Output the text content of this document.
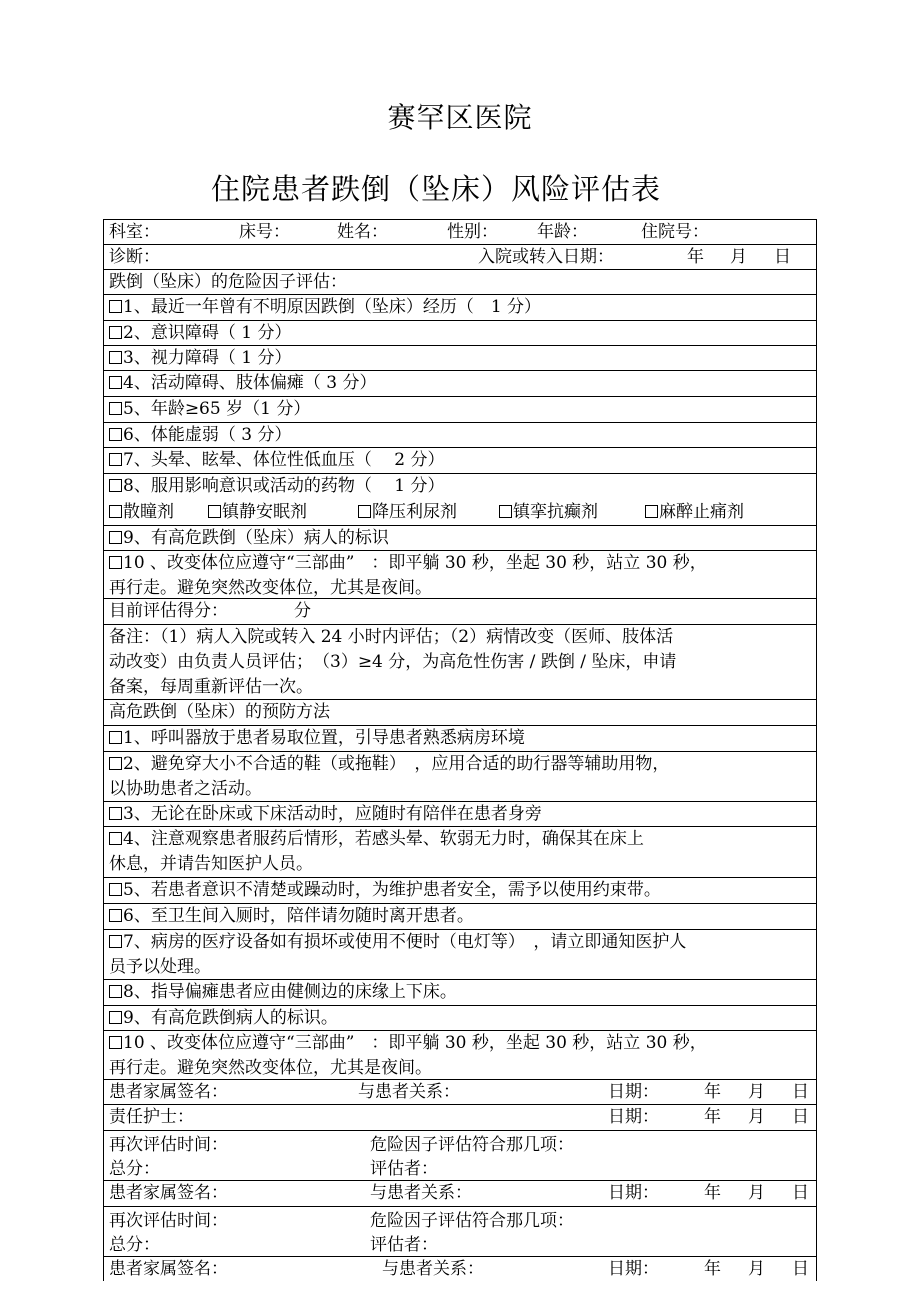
赛罕区医院
住院患者跌倒（坠床）风险评估表
科室：	床号：	姓名：	性别： 年龄：	住院号：
诊断：	入院或转入日期：	年 月 日
跌倒（坠床）的危险因子评估：
1、最近一年曾有不明原因跌倒（坠床）经历（　1 分）
2、意识障碍（ 1 分）
3、视力障碍（ 1 分）
4、活动障碍、肢体偏瘫（ 3 分）
5、年龄≥65 岁（1 分）
6、体能虚弱（ 3 分）
7、头晕、眩晕、体位性低血压（　 2 分）
8、服用影响意识或活动的药物（　 1 分）
散瞳剂	镇静安眠剂	降压利尿剂	镇挛抗癫剂	麻醉止痛剂
9、有高危跌倒（坠床）病人的标识
10 、改变体位应遵守“三部曲”　：即平躺 30 秒，坐起 30 秒，站立 30 秒，
再行走。避免突然改变体位，尤其是夜间。
目前评估得分：	分
备注：（1）病人入院或转入 24 小时内评估；（2）病情改变（医师、肢体活
动改变）由负责人员评估；　（3）≥4 分，为高危性伤害 / 跌倒 / 坠床，申请
备案，每周重新评估一次。
高危跌倒（坠床）的预防方法
1、呼叫器放于患者易取位置，引导患者熟悉病房环境
2、避免穿大小不合适的鞋（或拖鞋）　，应用合适的助行器等辅助用物，
以协助患者之活动。
3、无论在卧床或下床活动时，应随时有陪伴在患者身旁
4、注意观察患者服药后情形，若感头晕、软弱无力时，确保其在床上
休息，并请告知医护人员。
5、若患者意识不清楚或躁动时，为维护患者安全，需予以使用约束带。
6、至卫生间入厕时，陪伴请勿随时离开患者。
7、病房的医疗设备如有损坏或使用不便时（电灯等）　，请立即通知医护人
员予以处理。
8、指导偏瘫患者应由健侧边的床缘上下床。
9、有高危跌倒病人的标识。
10 、改变体位应遵守“三部曲”　：即平躺 30 秒，坐起 30 秒，站立 30 秒，
再行走。避免突然改变体位，尤其是夜间。
患者家属签名：	与患者关系：	日期：	年 月 日
责任护士：	日期：	年 月 日
再次评估时间：	危险因子评估符合那几项：
总分：	评估者：
患者家属签名：	与患者关系：	日期：	年 月 日
再次评估时间：	危险因子评估符合那几项：
总分：	评估者：
患者家属签名：	与患者关系：	日期：	年 月 日
